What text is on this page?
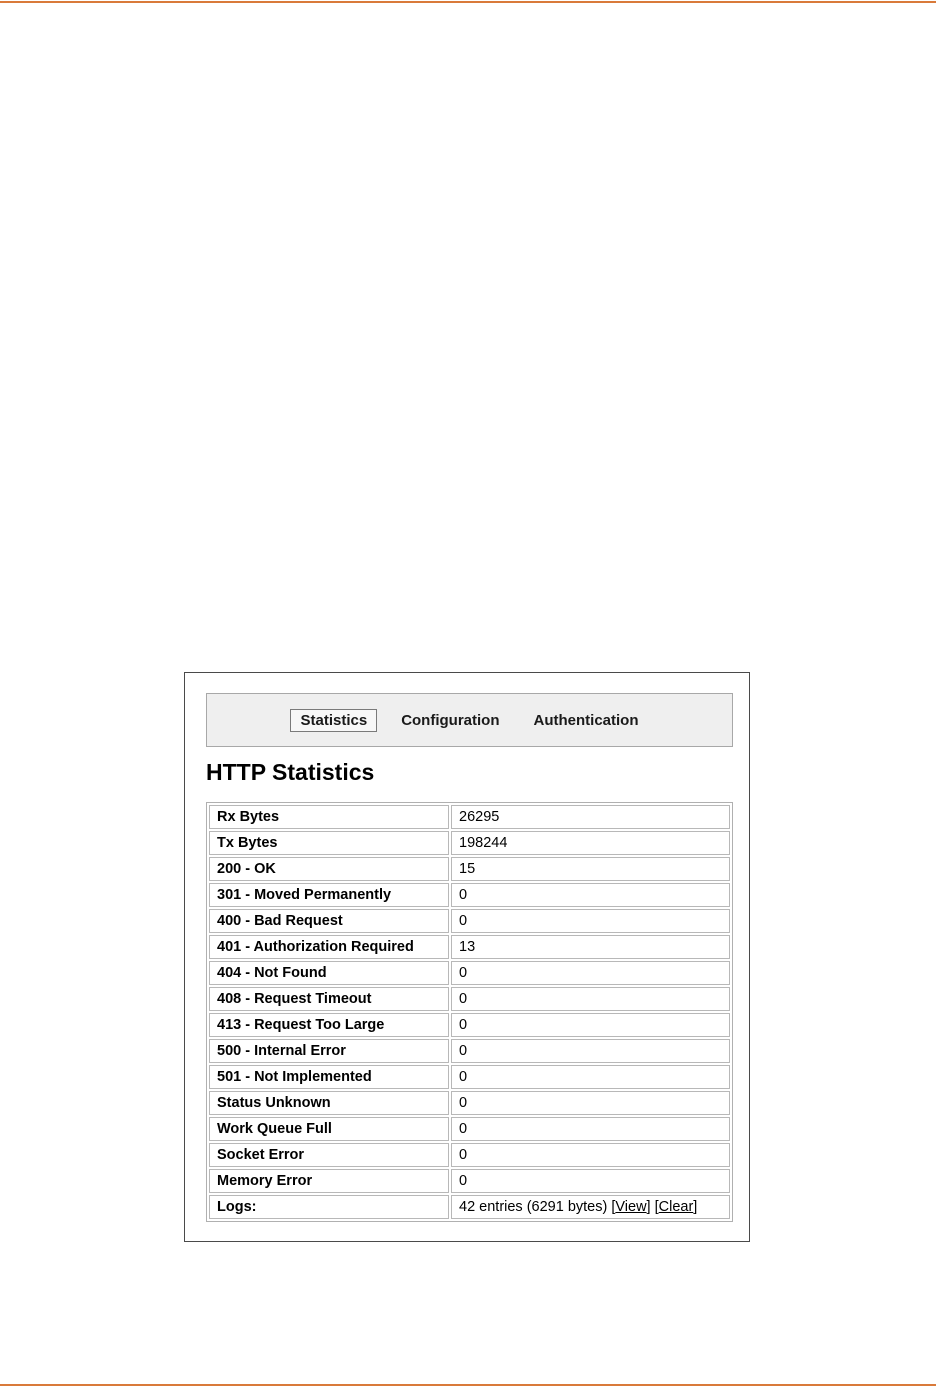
Statistics	Configuration	Authentication
HTTP Statistics
Rx Bytes	26295
Tx Bytes	198244
200 - OK	15
301 - Moved Permanently	0
400 - Bad Request	0
401 - Authorization Required	13
404 - Not Found	0
408 - Request Timeout	0
413 - Request Too Large	0
500 - Internal Error	0
501 - Not Implemented	0
Status Unknown	0
Work Queue Full	0
Socket Error	0
Memory Error	0
Logs:	42 entries (6291 bytes) [View] [Clear]
